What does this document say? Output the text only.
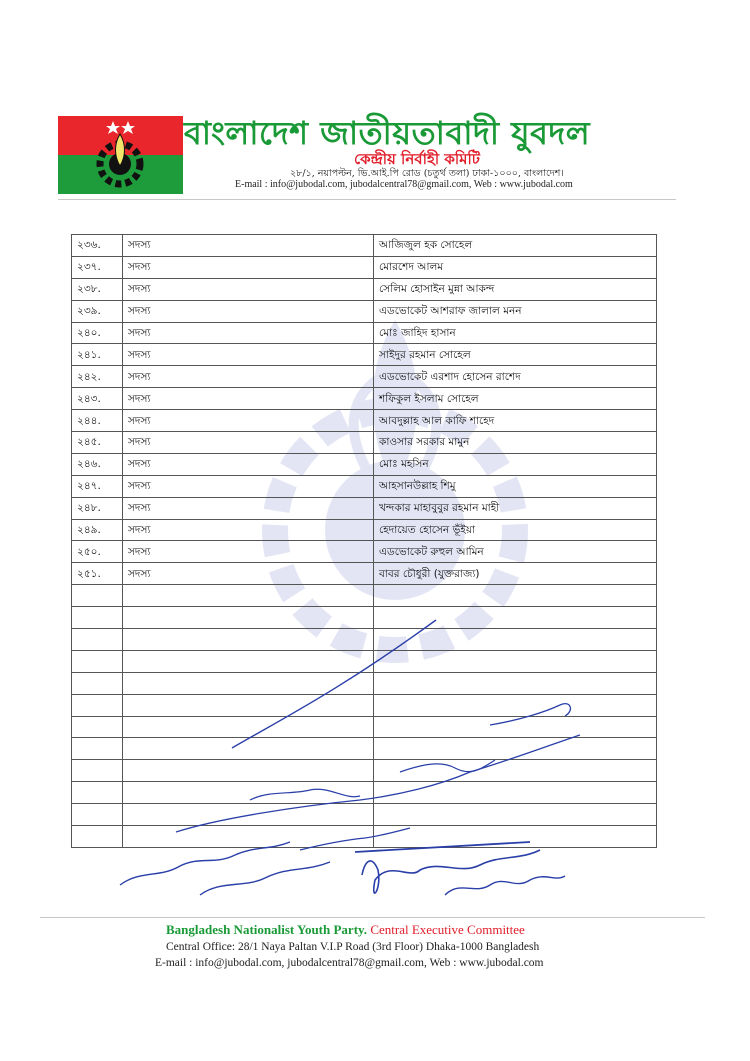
বাংলাদেশ জাতীয়তাবাদী যুবদল
কেন্দ্রীয় নির্বাহী কমিটি
২৮/১, নয়াপল্টন, ভি.আই.পি রোড (চতুর্থ তলা) ঢাকা-১০০০, বাংলাদেশ।
E-mail : info@jubodal.com, jubodalcentral78@gmail.com, Web : www.jubodal.com
২৩৬.	সদস্য	আজিজুল হক সোহেল
২৩৭.	সদস্য	মোরশেদ আলম
২৩৮.	সদস্য	সেলিম হোসাইন মুন্না আকন্দ
২৩৯.	সদস্য	এডভোকেট আশরাফ জালাল মনন
২৪০.	সদস্য	মোঃ জাহিদ হাসান
২৪১.	সদস্য	সাইদুর রহমান সোহেল
২৪২.	সদস্য	এডভোকেট এরশাদ হোসেন রাশেদ
২৪৩.	সদস্য	শফিকুল ইসলাম সোহেল
২৪৪.	সদস্য	আবদুল্লাহ আল কাফি শাহেদ
২৪৫.	সদস্য	কাওসার সরকার মামুন
২৪৬.	সদস্য	মোঃ মহসিন
২৪৭.	সদস্য	আহসানউল্লাহ শিমু
২৪৮.	সদস্য	খন্দকার মাহাবুবুর রহমান মাহী
২৪৯.	সদস্য	হেদায়েত হোসেন ভূঁইয়া
২৫০.	সদস্য	এডভোকেট রুহুল আমিন
২৫১.	সদস্য	বাবর চৌধুরী (যুক্তরাজ্য)

Bangladesh Nationalist Youth Party. Central Executive Committee
Central Office: 28/1 Naya Paltan V.I.P Road (3rd Floor) Dhaka-1000 Bangladesh
E-mail : info@jubodal.com, jubodalcentral78@gmail.com, Web : www.jubodal.com
